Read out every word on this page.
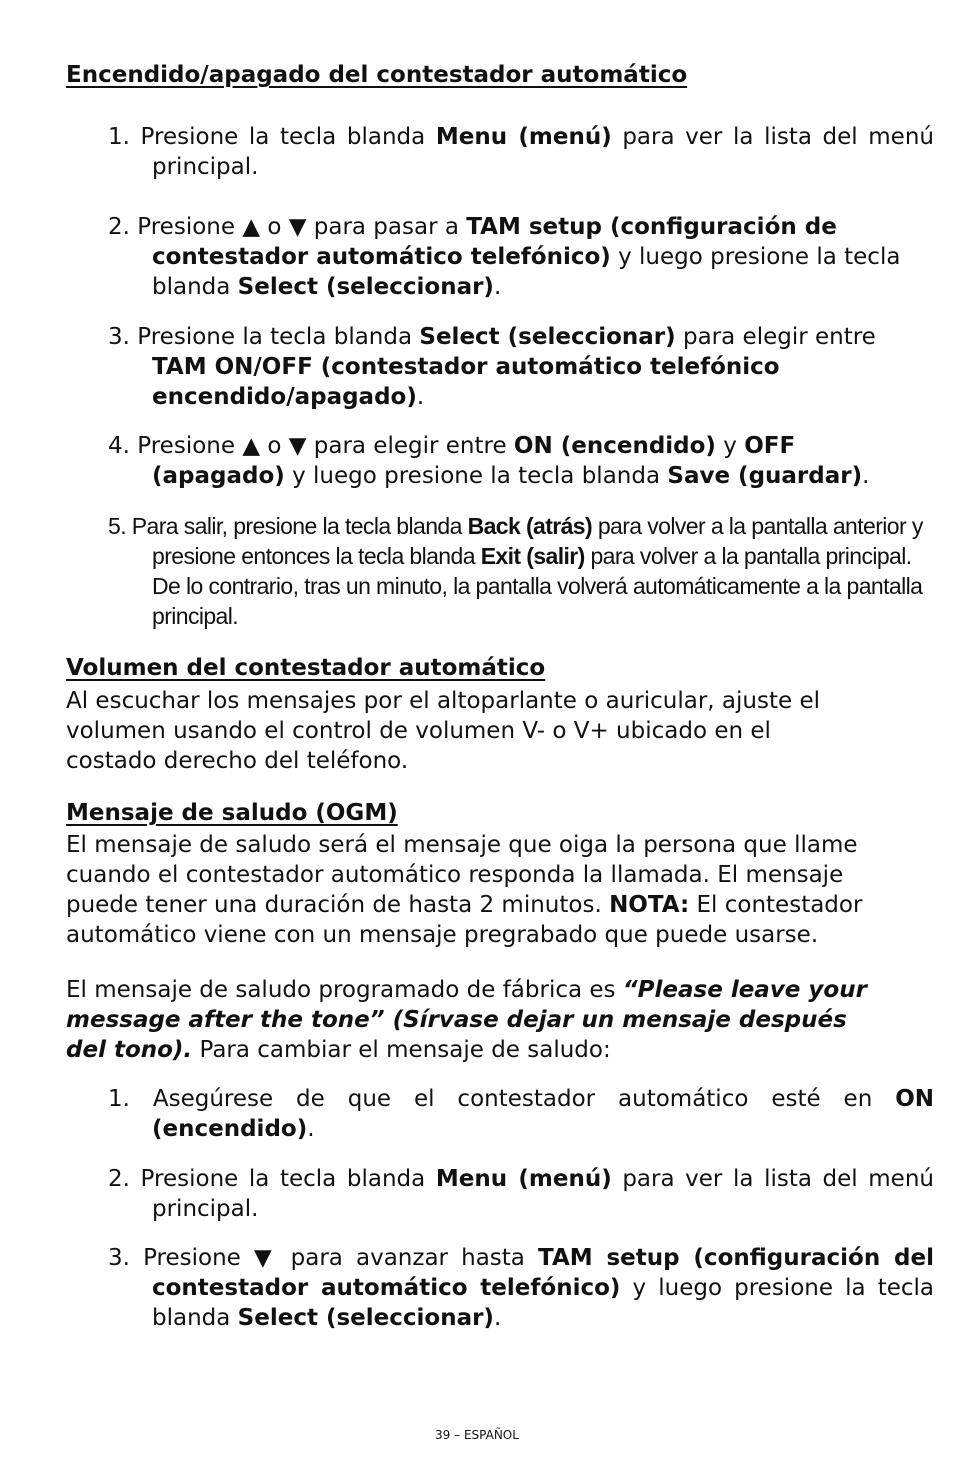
Encendido/apagado del contestador automático

1. Presione la tecla blanda Menu (menú) para ver la lista del menú principal.

2. Presione ▲ o ▼ para pasar a TAM setup (configuración de contestador automático telefónico) y luego presione la tecla blanda Select (seleccionar).

3. Presione la tecla blanda Select (seleccionar) para elegir entre TAM ON/OFF (contestador automático telefónico encendido/apagado).

4. Presione ▲ o ▼ para elegir entre ON (encendido) y OFF (apagado) y luego presione la tecla blanda Save (guardar).

5. Para salir, presione la tecla blanda Back (atrás) para volver a la pantalla anterior y presione entonces la tecla blanda Exit (salir) para volver a la pantalla principal. De lo contrario, tras un minuto, la pantalla volverá automáticamente a la pantalla principal.

Volumen del contestador automático

Al escuchar los mensajes por el altoparlante o auricular, ajuste el volumen usando el control de volumen V- o V+ ubicado en el costado derecho del teléfono.

Mensaje de saludo (OGM)

El mensaje de saludo será el mensaje que oiga la persona que llame cuando el contestador automático responda la llamada. El mensaje puede tener una duración de hasta 2 minutos. NOTA: El contestador automático viene con un mensaje pregrabado que puede usarse.

El mensaje de saludo programado de fábrica es “Please leave your message after the tone” (Sírvase dejar un mensaje después del tono). Para cambiar el mensaje de saludo:

1. Asegúrese de que el contestador automático esté en ON (encendido).

2. Presione la tecla blanda Menu (menú) para ver la lista del menú principal.

3. Presione ▼ para avanzar hasta TAM setup (configuración del contestador automático telefónico) y luego presione la tecla blanda Select (seleccionar).

39 – ESPAÑOL
